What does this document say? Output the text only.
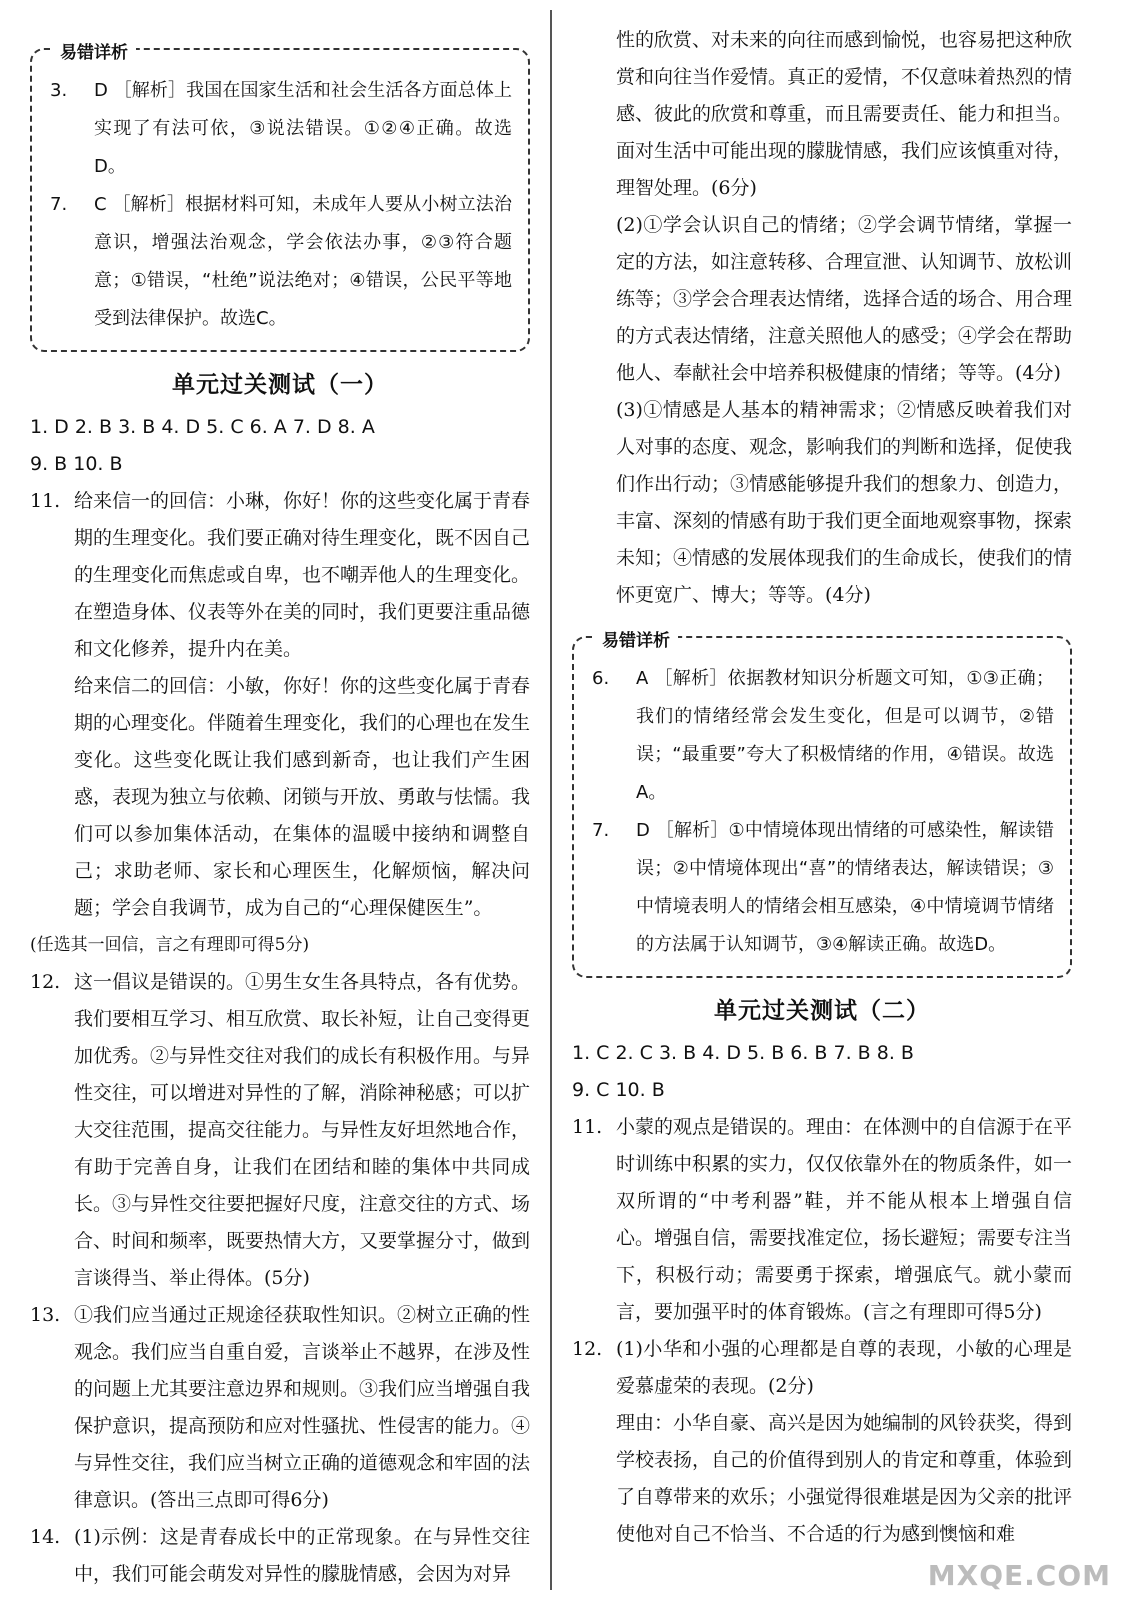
易错详析
3.	D ［解析］我国在国家生活和社会生活各方面总体上实现了有法可依，③说法错误。①②④正确。故选D。
7.	C ［解析］根据材料可知，未成年人要从小树立法治意识，增强法治观念，学会依法办事，②③符合题意；①错误，“杜绝”说法绝对；④错误，公民平等地受到法律保护。故选C。
单元过关测试（一）

1. D 2. B 3. B 4. D 5. C 6. A 7. D 8. A

9. B 10. B

11. 给来信一的回信：小琳，你好！你的这些变化属于青春期的生理变化。我们要正确对待生理变化，既不因自己的生理变化而焦虑或自卑，也不嘲弄他人的生理变化。在塑造身体、仪表等外在美的同时，我们更要注重品德和文化修养，提升内在美。

给来信二的回信：小敏，你好！你的这些变化属于青春期的心理变化。伴随着生理变化，我们的心理也在发生变化。这些变化既让我们感到新奇，也让我们产生困惑，表现为独立与依赖、闭锁与开放、勇敢与怯懦。我们可以参加集体活动，在集体的温暖中接纳和调整自己；求助老师、家长和心理医生，化解烦恼，解决问题；学会自我调节，成为自己的“心理保健医生”。

(任选其一回信，言之有理即可得5分)

12. 这一倡议是错误的。①男生女生各具特点，各有优势。我们要相互学习、相互欣赏、取长补短，让自己变得更加优秀。②与异性交往对我们的成长有积极作用。与异性交往，可以增进对异性的了解，消除神秘感；可以扩大交往范围，提高交往能力。与异性友好坦然地合作，有助于完善自身，让我们在团结和睦的集体中共同成长。③与异性交往要把握好尺度，注意交往的方式、场合、时间和频率，既要热情大方，又要掌握分寸，做到言谈得当、举止得体。(5分)
13. ①我们应当通过正规途径获取性知识。②树立正确的性观念。我们应当自重自爱，言谈举止不越界，在涉及性的问题上尤其要注意边界和规则。③我们应当增强自我保护意识，提高预防和应对性骚扰、性侵害的能力。④与异性交往，我们应当树立正确的道德观念和牢固的法律意识。(答出三点即可得6分)
14. (1)示例：这是青春成长中的正常现象。在与异性交往中，我们可能会萌发对异性的朦胧情感，会因为对异

性的欣赏、对未来的向往而感到愉悦，也容易把这种欣赏和向往当作爱情。真正的爱情，不仅意味着热烈的情感、彼此的欣赏和尊重，而且需要责任、能力和担当。面对生活中可能出现的朦胧情感，我们应该慎重对待，理智处理。(6分)

(2)①学会认识自己的情绪；②学会调节情绪，掌握一定的方法，如注意转移、合理宣泄、认知调节、放松训练等；③学会合理表达情绪，选择合适的场合、用合理的方式表达情绪，注意关照他人的感受；④学会在帮助他人、奉献社会中培养积极健康的情绪；等等。(4分)

(3)①情感是人基本的精神需求；②情感反映着我们对人对事的态度、观念，影响我们的判断和选择，促使我们作出行动；③情感能够提升我们的想象力、创造力，丰富、深刻的情感有助于我们更全面地观察事物，探索未知；④情感的发展体现我们的生命成长，使我们的情怀更宽广、博大；等等。(4分)

易错详析
6.	A ［解析］依据教材知识分析题文可知，①③正确；我们的情绪经常会发生变化，但是可以调节，②错误；“最重要”夸大了积极情绪的作用，④错误。故选A。
7.	D ［解析］①中情境体现出情绪的可感染性，解读错误；②中情境体现出“喜”的情绪表达，解读错误；③中情境表明人的情绪会相互感染，④中情境调节情绪的方法属于认知调节，③④解读正确。故选D。
单元过关测试（二）

1. C 2. C 3. B 4. D 5. B 6. B 7. B 8. B

9. C 10. B

11. 小蒙的观点是错误的。理由：在体测中的自信源于在平时训练中积累的实力，仅仅依靠外在的物质条件，如一双所谓的“中考利器”鞋，并不能从根本上增强自信心。增强自信，需要找准定位，扬长避短；需要专注当下，积极行动；需要勇于探索，增强底气。就小蒙而言，要加强平时的体育锻炼。(言之有理即可得5分)
12. (1)小华和小强的心理都是自尊的表现，小敏的心理是爱慕虚荣的表现。(2分)

理由：小华自豪、高兴是因为她编制的风铃获奖，得到学校表扬，自己的价值得到别人的肯定和尊重，体验到了自尊带来的欢乐；小强觉得很难堪是因为父亲的批评使他对自己不恰当、不合适的行为感到懊恼和难

MXQE.COM
